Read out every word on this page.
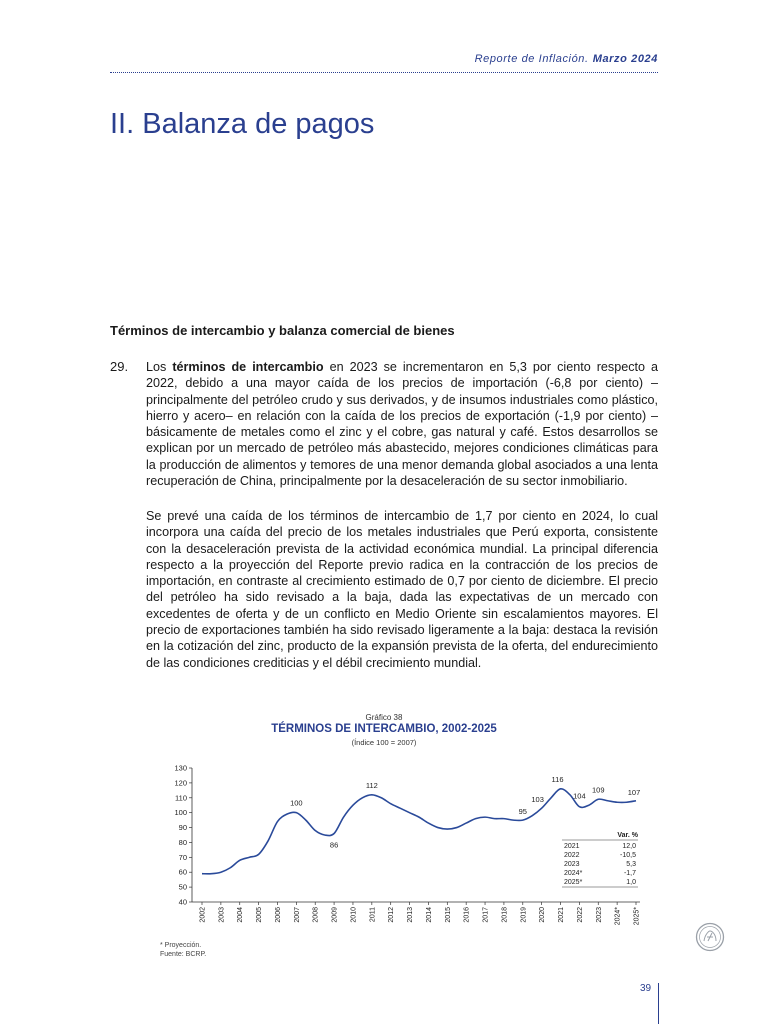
Reporte de Inflación. Marzo 2024
II. Balanza de pagos
Términos de intercambio y balanza comercial de bienes
29. Los términos de intercambio en 2023 se incrementaron en 5,3 por ciento respecto a 2022, debido a una mayor caída de los precios de importación (-6,8 por ciento) –principalmente del petróleo crudo y sus derivados, y de insumos industriales como plástico, hierro y acero– en relación con la caída de los precios de exportación (-1,9 por ciento) – básicamente de metales como el zinc y el cobre, gas natural y café. Estos desarrollos se explican por un mercado de petróleo más abastecido, mejores condiciones climáticas para la producción de alimentos y temores de una menor demanda global asociados a una lenta recuperación de China, principalmente por la desaceleración de su sector inmobiliario.

Se prevé una caída de los términos de intercambio de 1,7 por ciento en 2024, lo cual incorpora una caída del precio de los metales industriales que Perú exporta, consistente con la desaceleración prevista de la actividad económica mundial. La principal diferencia respecto a la proyección del Reporte previo radica en la contracción de los precios de importación, en contraste al crecimiento estimado de 0,7 por ciento de diciembre. El precio del petróleo ha sido revisado a la baja, dada las expectativas de un mercado con excedentes de oferta y de un conflicto en Medio Oriente sin escalamientos mayores. El precio de exportaciones también ha sido revisado ligeramente a la baja: destaca la revisión en la cotización del zinc, producto de la expansión prevista de la oferta, del endurecimiento de las condiciones crediticias y el débil crecimiento mundial.

Gráfico 38
TÉRMINOS DE INTERCAMBIO, 2002-2025
(Índice 100 = 2007)
40
50
60
70
80
90
100
110
120
130
2002 2003 2004 2005 2006 2007 2008 2009 2010 2011 2012 2013 2014 2015 2016 2017 2018 2019 2020 2021 2022 2023 2024* 2025*
100
86
112
95
103
116
104
109	107
Var. %
2021	12,0
2022	-10,5
2023	5,3
2024*	-1,7
2025*	1,0
* Proyección.
Fuente: BCRP.
39
